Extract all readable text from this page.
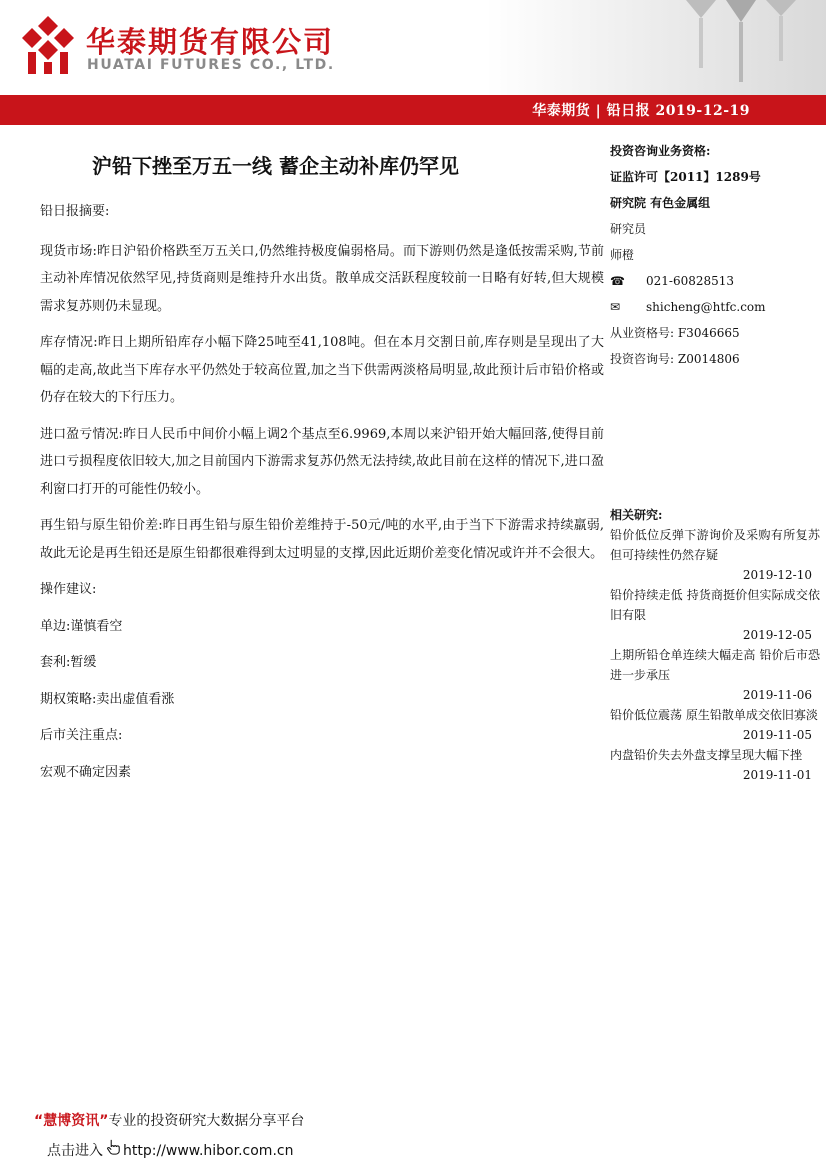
华泰期货有限公司
HUATAI FUTURES CO., LTD.
华泰期货 | 铅日报 2019-12-19
沪铅下挫至万五一线 蓄企主动补库仍罕见
铅日报摘要:
现货市场:昨日沪铅价格跌至万五关口,仍然维持极度偏弱格局。而下游则仍然是逢低按需采购,节前主动补库情况依然罕见,持货商则是维持升水出货。散单成交活跃程度较前一日略有好转,但大规模需求复苏则仍未显现。
库存情况:昨日上期所铅库存小幅下降25吨至41,108吨。但在本月交割日前,库存则是呈现出了大幅的走高,故此当下库存水平仍然处于较高位置,加之当下供需两淡格局明显,故此预计后市铅价格或仍存在较大的下行压力。
进口盈亏情况:昨日人民币中间价小幅上调2个基点至6.9969,本周以来沪铅开始大幅回落,使得目前进口亏损程度依旧较大,加之目前国内下游需求复苏仍然无法持续,故此目前在这样的情况下,进口盈利窗口打开的可能性仍较小。
再生铅与原生铅价差:昨日再生铅与原生铅价差维持于-50元/吨的水平,由于当下下游需求持续羸弱,故此无论是再生铅还是原生铅都很难得到太过明显的支撑,因此近期价差变化情况或许并不会很大。
操作建议:
单边:谨慎看空
套利:暂缓
期权策略:卖出虚值看涨
后市关注重点:
宏观不确定因素
投资咨询业务资格:
证监许可【2011】1289号
研究院 有色金属组
研究员
师橙
☎ 021-60828513
✉ shicheng@htfc.com
从业资格号: F3046665
投资咨询号: Z0014806
相关研究:
铅价低位反弹下游询价及采购有所复苏 但可持续性仍然存疑
2019-12-10
铅价持续走低 持货商挺价但实际成交依旧有限
2019-12-05
上期所铅仓单连续大幅走高 铅价后市恐进一步承压
2019-11-06
铅价低位震荡 原生铅散单成交依旧寡淡
2019-11-05
内盘铅价失去外盘支撑呈现大幅下挫
2019-11-01
“慧博资讯”专业的投资研究大数据分享平台
点击进入 http://www.hibor.com.cn
